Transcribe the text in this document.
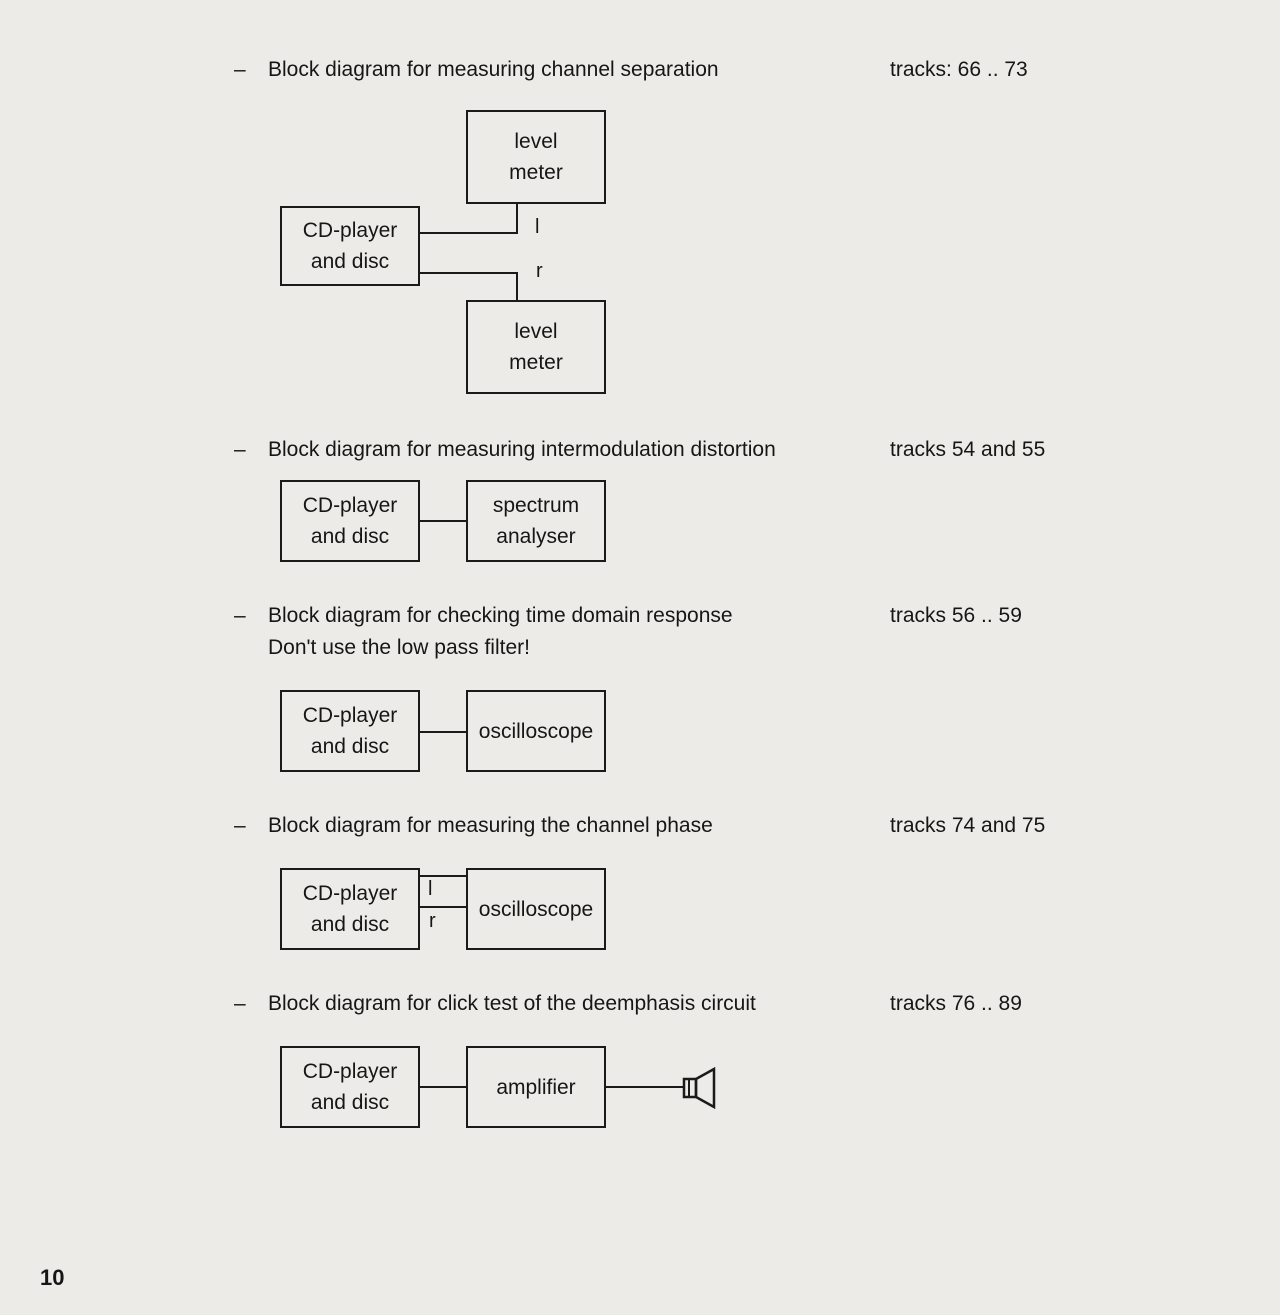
– Block diagram for measuring channel separation	tracks: 66 .. 73
level
meter
CD-player
and disc
level
meter
l
r
– Block diagram for measuring intermodulation distortion	tracks 54 and 55
CD-player
and disc
spectrum
analyser
– Block diagram for checking time domain response	tracks 56 .. 59
Don't use the low pass filter!
CD-player
and disc
oscilloscope
– Block diagram for measuring the channel phase	tracks 74 and 75
CD-player
and disc
oscilloscope
l
r
– Block diagram for click test of the deemphasis circuit	tracks 76 .. 89
CD-player
and disc
amplifier
10
